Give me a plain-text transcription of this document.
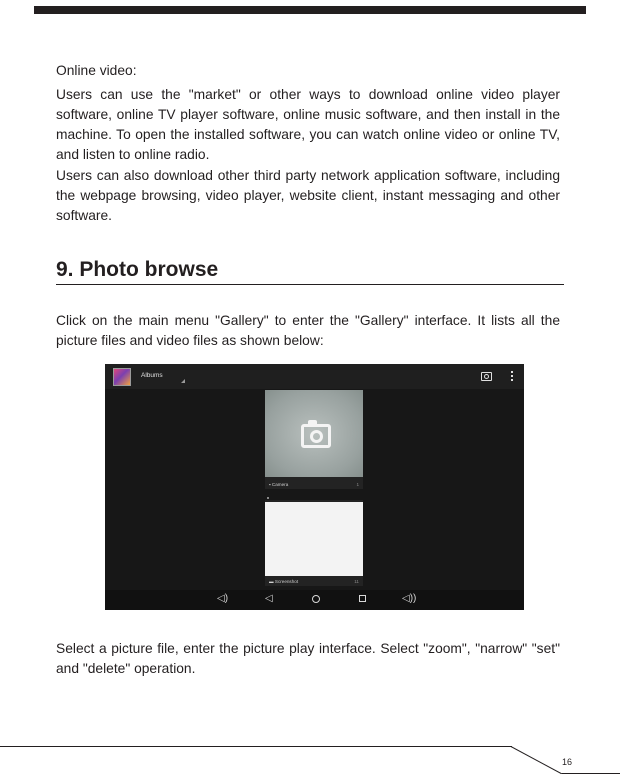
Online video:

Users can use the "market" or other ways to download online video player software, online TV player software, online music software, and then install in the machine. To open the installed software, you can watch online video or online TV, and listen to online radio.

Users can also download other third party network application software, including the webpage browsing, video player, website client, instant messaging and other software.

9. Photo browse

Click on the main menu "Gallery" to enter the "Gallery" interface. It lists all the picture files and video files as shown below:

Albums
▪ Camera	1
▬ Screenshot	11
◁)	◁	◁))

Select a picture file, enter the picture play interface. Select "zoom", "narrow" "set" and "delete" operation.

16
